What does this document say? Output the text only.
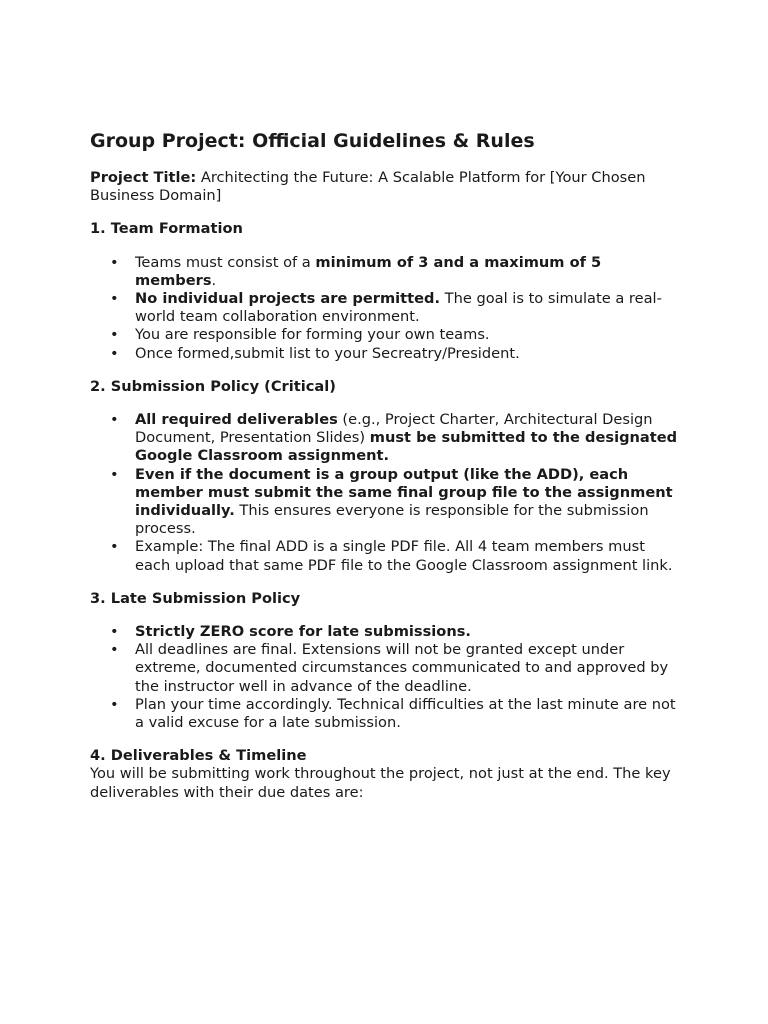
Group Project: Official Guidelines & Rules
Project Title: Architecting the Future: A Scalable Platform for [Your Chosen Business Domain]
1. Team Formation
• Teams must consist of a minimum of 3 and a maximum of 5 members.
• No individual projects are permitted. The goal is to simulate a real-world team collaboration environment.
• You are responsible for forming your own teams.
• Once formed,submit list to your Secreatry/President.
2. Submission Policy (Critical)
• All required deliverables (e.g., Project Charter, Architectural Design Document, Presentation Slides) must be submitted to the designated Google Classroom assignment.
• Even if the document is a group output (like the ADD), each member must submit the same final group file to the assignment individually. This ensures everyone is responsible for the submission process.
• Example: The final ADD is a single PDF file. All 4 team members must each upload that same PDF file to the Google Classroom assignment link.
3. Late Submission Policy
• Strictly ZERO score for late submissions.
• All deadlines are final. Extensions will not be granted except under extreme, documented circumstances communicated to and approved by the instructor well in advance of the deadline.
• Plan your time accordingly. Technical difficulties at the last minute are not a valid excuse for a late submission.
4. Deliverables & Timeline
You will be submitting work throughout the project, not just at the end. The key deliverables with their due dates are:
